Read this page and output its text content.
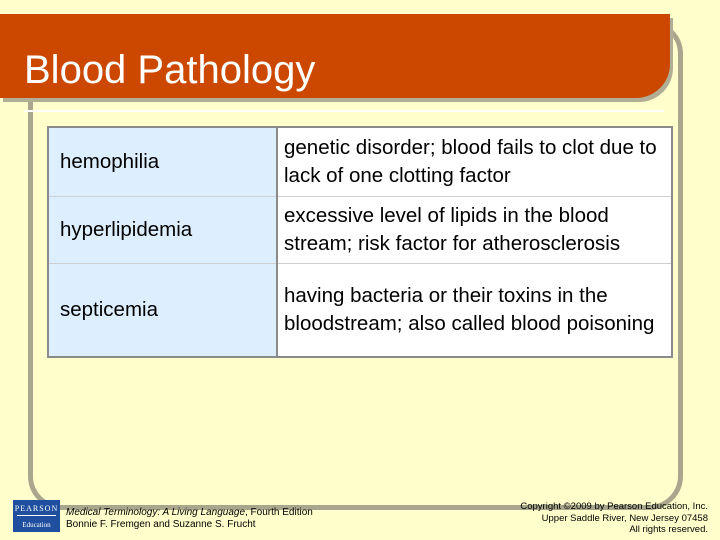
Blood Pathology
hemophilia	genetic disorder; blood fails to clot due to lack of one clotting factor
hyperlipidemia	excessive level of lipids in the blood stream; risk factor for atherosclerosis
septicemia	having bacteria or their toxins in the bloodstream; also called blood poisoning
PEARSON
Education
Medical Terminology: A Living Language, Fourth Edition
Bonnie F. Fremgen and Suzanne S. Frucht
Copyright ©2009 by Pearson Education, Inc.
Upper Saddle River, New Jersey 07458
All rights reserved.
